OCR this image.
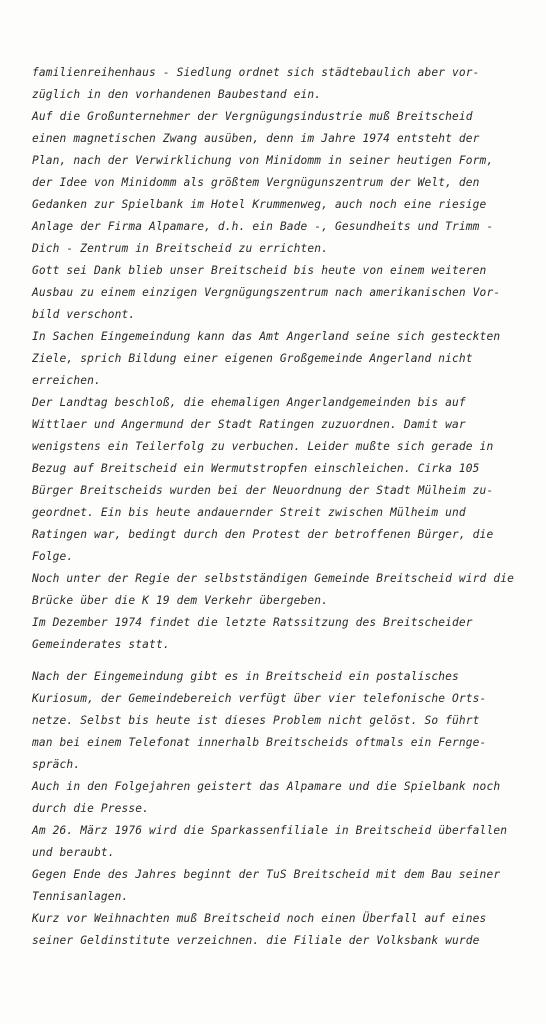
familienreihenhaus - Siedlung ordnet sich städtebaulich aber vor-
züglich in den vorhandenen Baubestand ein.
Auf die Großunternehmer der Vergnügungsindustrie muß Breitscheid
einen magnetischen Zwang ausüben, denn im Jahre 1974 entsteht der
Plan, nach der Verwirklichung von Minidomm in seiner heutigen Form,
der Idee von Minidomm als größtem Vergnügunszentrum der Welt, den
Gedanken zur Spielbank im Hotel Krummenweg, auch noch eine riesige
Anlage der Firma Alpamare, d.h. ein Bade -, Gesundheits und Trimm -
Dich - Zentrum in Breitscheid zu errichten.
Gott sei Dank blieb unser Breitscheid bis heute von einem weiteren
Ausbau zu einem einzigen Vergnügungszentrum nach amerikanischen Vor-
bild verschont.
In Sachen Eingemeindung kann das Amt Angerland seine sich gesteckten
Ziele, sprich Bildung einer eigenen Großgemeinde Angerland nicht
erreichen.
Der Landtag beschloß, die ehemaligen Angerlandgemeinden bis auf
Wittlaer und Angermund der Stadt Ratingen zuzuordnen. Damit war
wenigstens ein Teilerfolg zu verbuchen. Leider mußte sich gerade in
Bezug auf Breitscheid ein Wermutstropfen einschleichen. Cirka 105
Bürger Breitscheids wurden bei der Neuordnung der Stadt Mülheim zu-
geordnet. Ein bis heute andauernder Streit zwischen Mülheim und
Ratingen war, bedingt durch den Protest der betroffenen Bürger, die
Folge.
Noch unter der Regie der selbstständigen Gemeinde Breitscheid wird die
Brücke über die K 19 dem Verkehr übergeben.
Im Dezember 1974 findet die letzte Ratssitzung des Breitscheider
Gemeinderates statt.
Nach der Eingemeindung gibt es in Breitscheid ein postalisches
Kuriosum, der Gemeindebereich verfügt über vier telefonische Orts-
netze. Selbst bis heute ist dieses Problem nicht gelöst. So führt
man bei einem Telefonat innerhalb Breitscheids oftmals ein Fernge-
spräch.
Auch in den Folgejahren geistert das Alpamare und die Spielbank noch
durch die Presse.
Am 26. März 1976 wird die Sparkassenfiliale in Breitscheid überfallen
und beraubt.
Gegen Ende des Jahres beginnt der TuS Breitscheid mit dem Bau seiner
Tennisanlagen.
Kurz vor Weihnachten muß Breitscheid noch einen Überfall auf eines
seiner Geldinstitute verzeichnen. die Filiale der Volksbank wurde
